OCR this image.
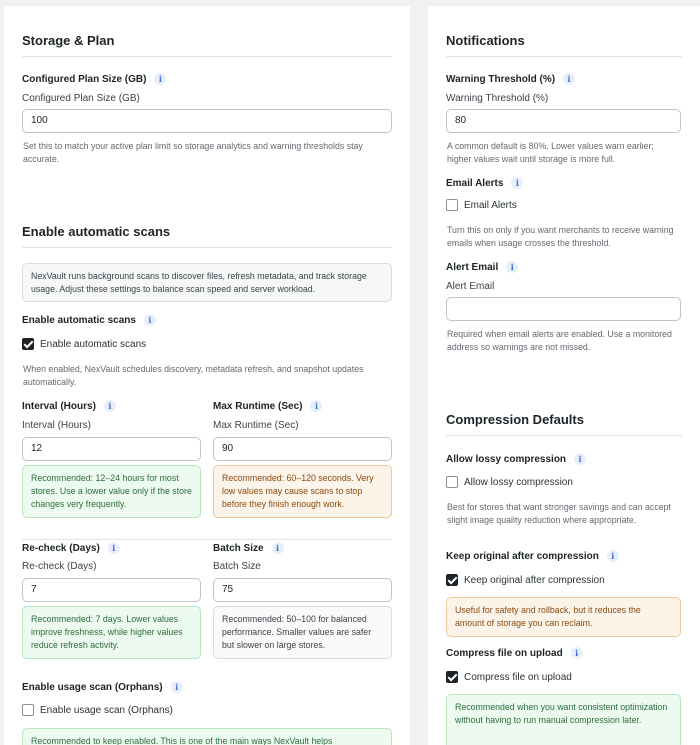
Storage & Plan
Configured Plan Size (GB)	i
Configured Plan Size (GB)
100
Set this to match your active plan limit so storage analytics and warning thresholds stay accurate.
Enable automatic scans
NexVault runs background scans to discover files, refresh metadata, and track storage usage. Adjust these settings to balance scan speed and server workload.
Enable automatic scans	i
Enable automatic scans
When enabled, NexVault schedules discovery, metadata refresh, and snapshot updates automatically.
Interval (Hours)	i
Interval (Hours)
12
Recommended: 12–24 hours for most stores. Use a lower value only if the store changes very frequently.
Max Runtime (Sec)	i
Max Runtime (Sec)
90
Recommended: 60–120 seconds. Very low values may cause scans to stop before they finish enough work.
Re-check (Days)	i
Re-check (Days)
7
Recommended: 7 days. Lower values improve freshness, while higher values reduce refresh activity.
Batch Size	i
Batch Size
75
Recommended: 50–100 for balanced performance. Smaller values are safer but slower on large stores.
Enable usage scan (Orphans)	i
Enable usage scan (Orphans)
Recommended to keep enabled. This is one of the main ways NexVault helps
Notifications
Warning Threshold (%)	i
Warning Threshold (%)
80
A common default is 80%. Lower values warn earlier; higher values wait until storage is more full.
Email Alerts	i
Email Alerts
Turn this on only if you want merchants to receive warning emails when usage crosses the threshold.
Alert Email	i
Alert Email
Required when email alerts are enabled. Use a monitored address so warnings are not missed.
Compression Defaults
Allow lossy compression	i
Allow lossy compression
Best for stores that want stronger savings and can accept slight image quality reduction where appropriate.
Keep original after compression	i
Keep original after compression
Useful for safety and rollback, but it reduces the amount of storage you can reclaim.
Compress file on upload	i
Compress file on upload
Recommended when you want consistent optimization without having to run manual compression later.
